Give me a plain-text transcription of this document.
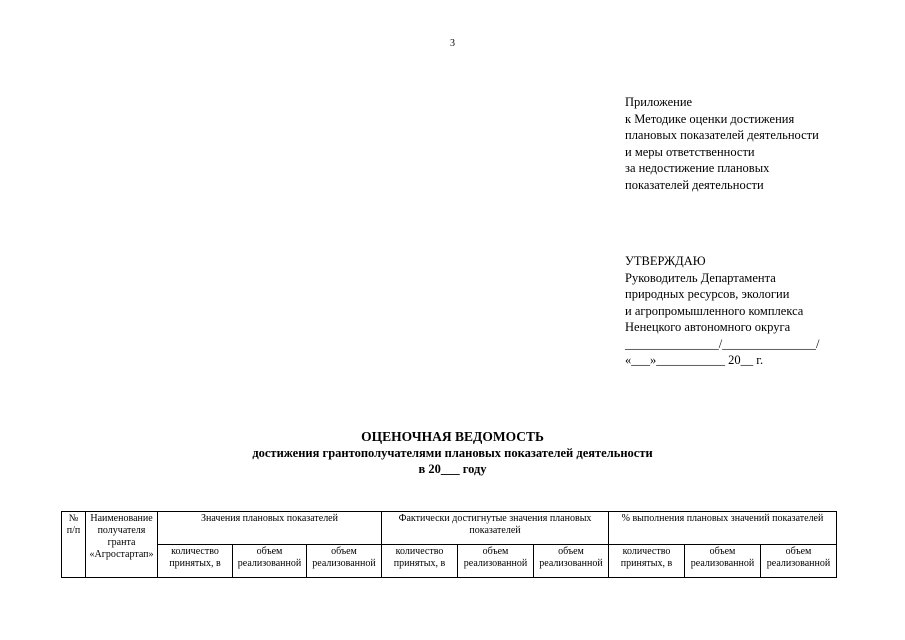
3
Приложение
к Методике оценки достижения
плановых показателей деятельности
и меры ответственности
за недостижение плановых
показателей деятельности
УТВЕРЖДАЮ
Руководитель Департамента
природных ресурсов, экологии
и агропромышленного комплекса
Ненецкого автономного округа
_______________/_______________/
«___»___________ 20__ г.
ОЦЕНОЧНАЯ ВЕДОМОСТЬ
достижения грантополучателями плановых показателей деятельности
в 20___ году
№ п/п	Наименование получателя гранта «Агростартап»	Значения плановых показателей			Фактически достигнутые значения плановых показателей			% выполнения плановых значений показателей		
		количество принятых, в	объем реализованной	объем реализованной	количество принятых, в	объем реализованной	объем реализованной	количество принятых, в	объем реализованной	объем реализованной
